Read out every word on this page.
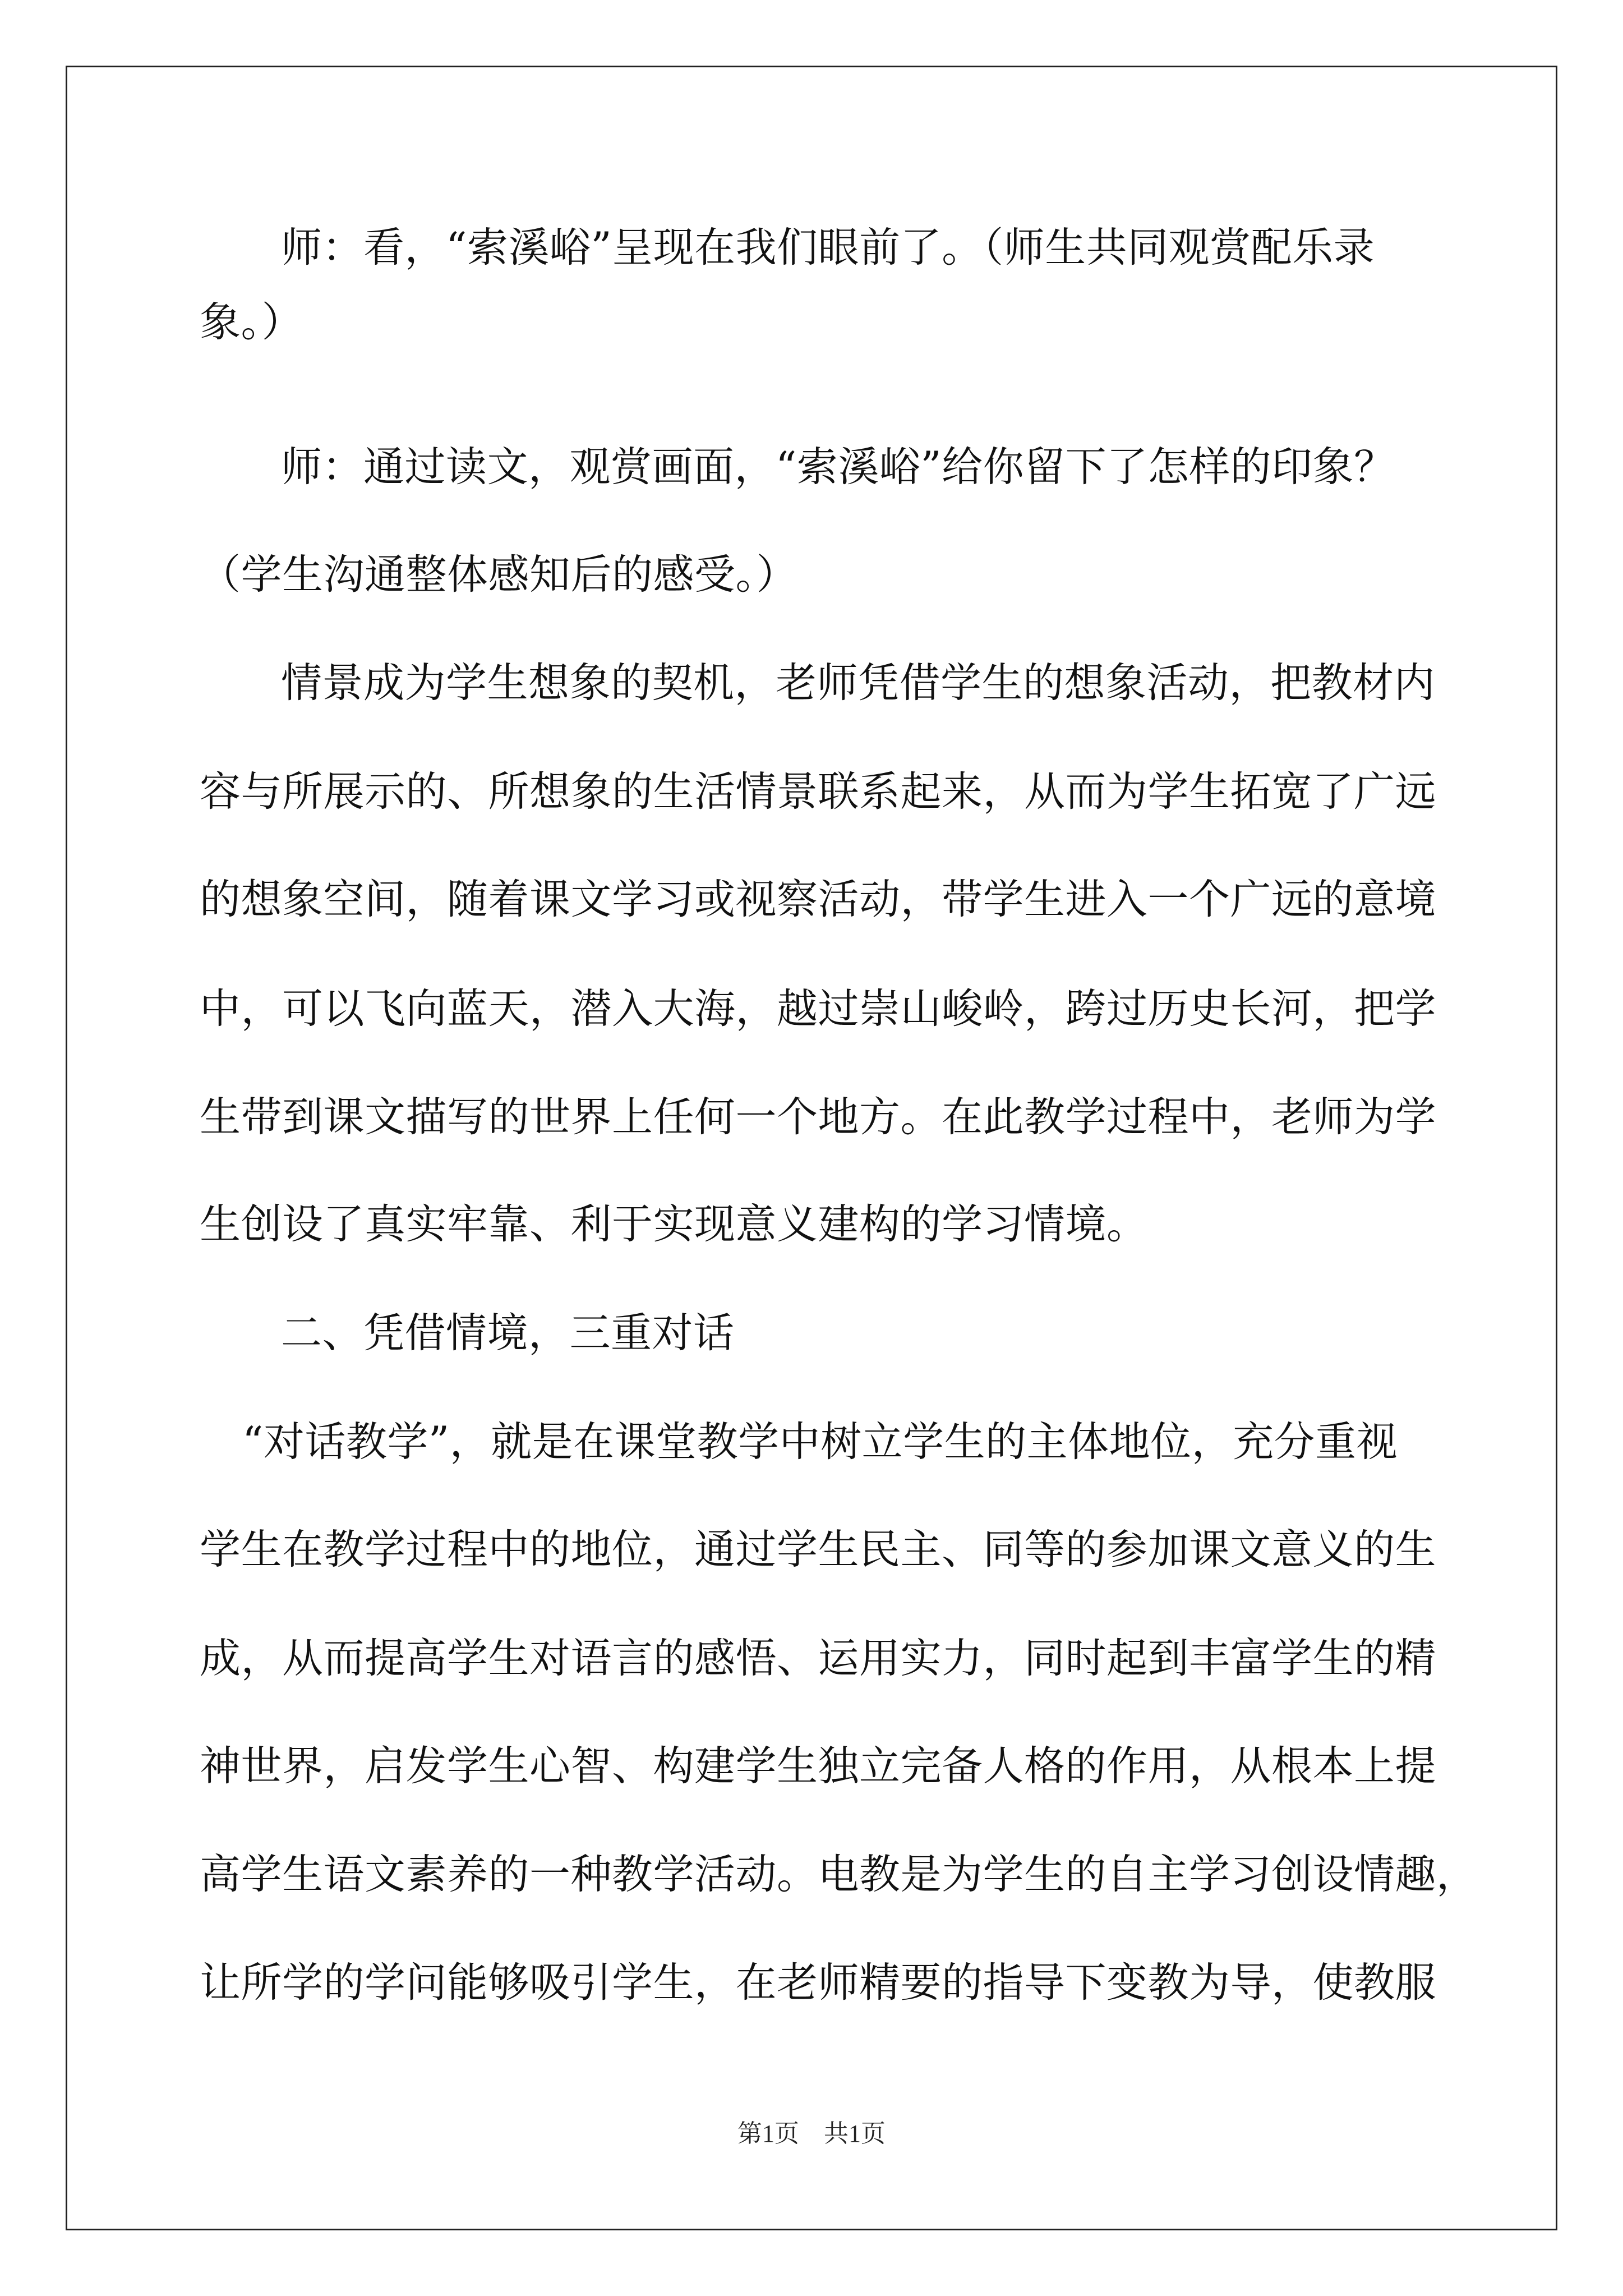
师：看，“索溪峪”呈现在我们眼前了。（师生共同观赏配乐录
象。）
师：通过读文，观赏画面，“索溪峪”给你留下了怎样的印象？
（学生沟通整体感知后的感受。）
情景成为学生想象的契机，老师凭借学生的想象活动，把教材内
容与所展示的、所想象的生活情景联系起来，从而为学生拓宽了广远
的想象空间，随着课文学习或视察活动，带学生进入一个广远的意境
中，可以飞向蓝天，潜入大海，越过崇山峻岭，跨过历史长河，把学
生带到课文描写的世界上任何一个地方。在此教学过程中，老师为学
生创设了真实牢靠、利于实现意义建构的学习情境。
二、凭借情境，三重对话
“对话教学”，就是在课堂教学中树立学生的主体地位，充分重视
学生在教学过程中的地位，通过学生民主、同等的参加课文意义的生
成，从而提高学生对语言的感悟、运用实力，同时起到丰富学生的精
神世界，启发学生心智、构建学生独立完备人格的作用，从根本上提
高学生语文素养的一种教学活动。电教是为学生的自主学习创设情趣，
让所学的学问能够吸引学生，在老师精要的指导下变教为导，使教服
第1页　共1页
